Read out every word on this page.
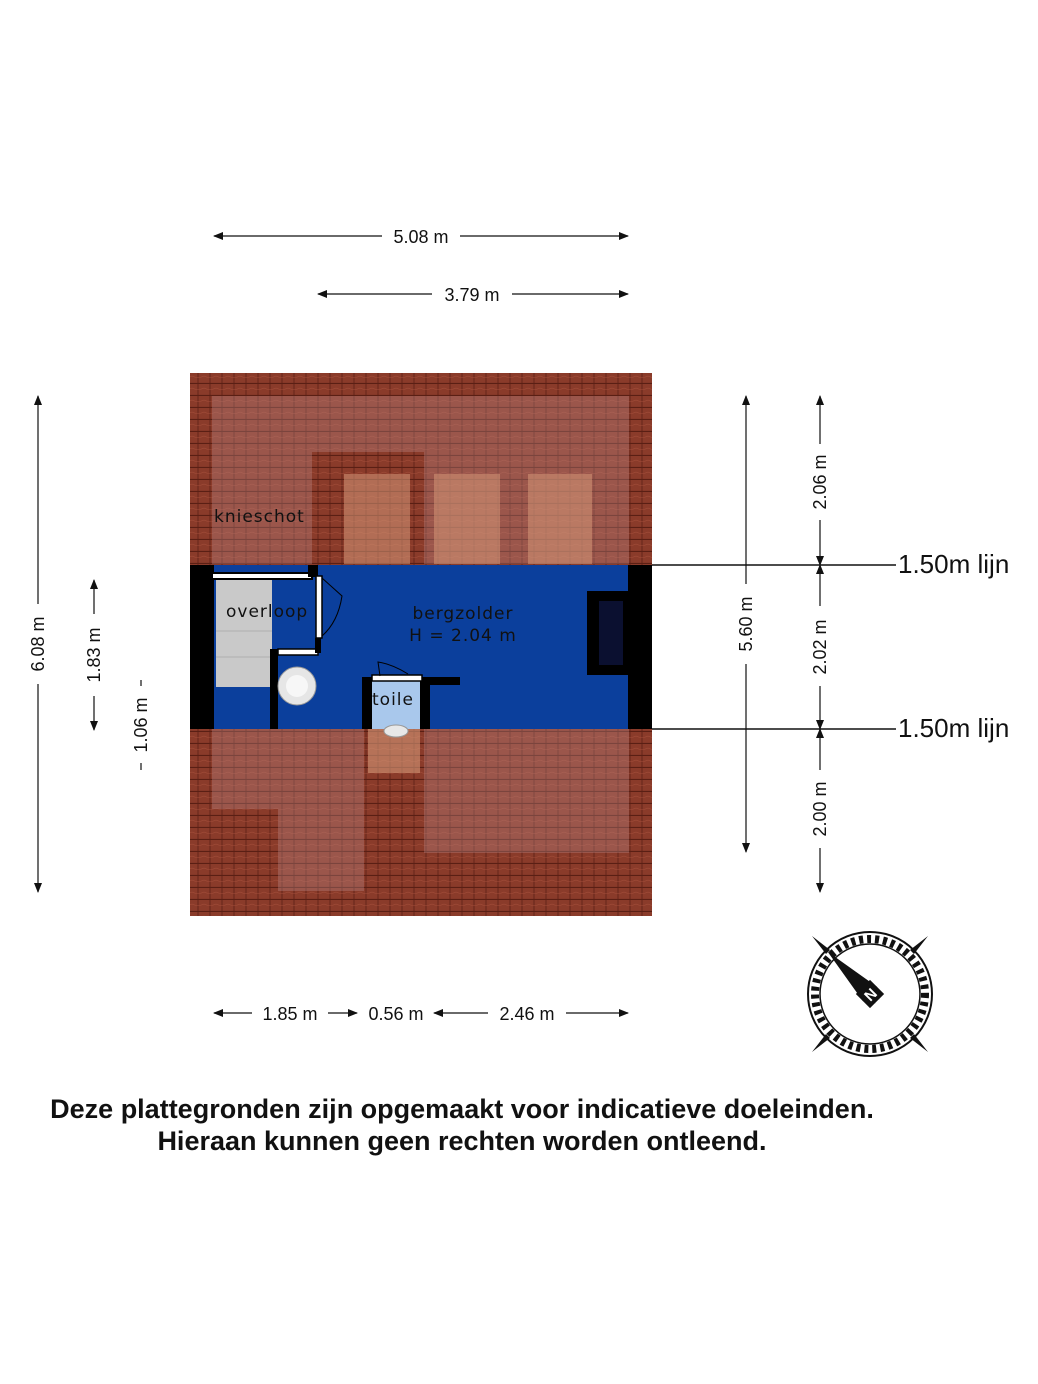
knieschot
overloop	bergzolder
H = 2.04 m
toile
5.08 m
3.79 m
6.08 m 1.83 m
1.06 m
5.60 m
2.06 m
2.02 m
2.00 m
1.50m lijn
1.50m lijn
1.85 m	0.56 m	2.46 m
N
Deze plattegronden zijn opgemaakt voor indicatieve doeleinden.
Hieraan kunnen geen rechten worden ontleend.
